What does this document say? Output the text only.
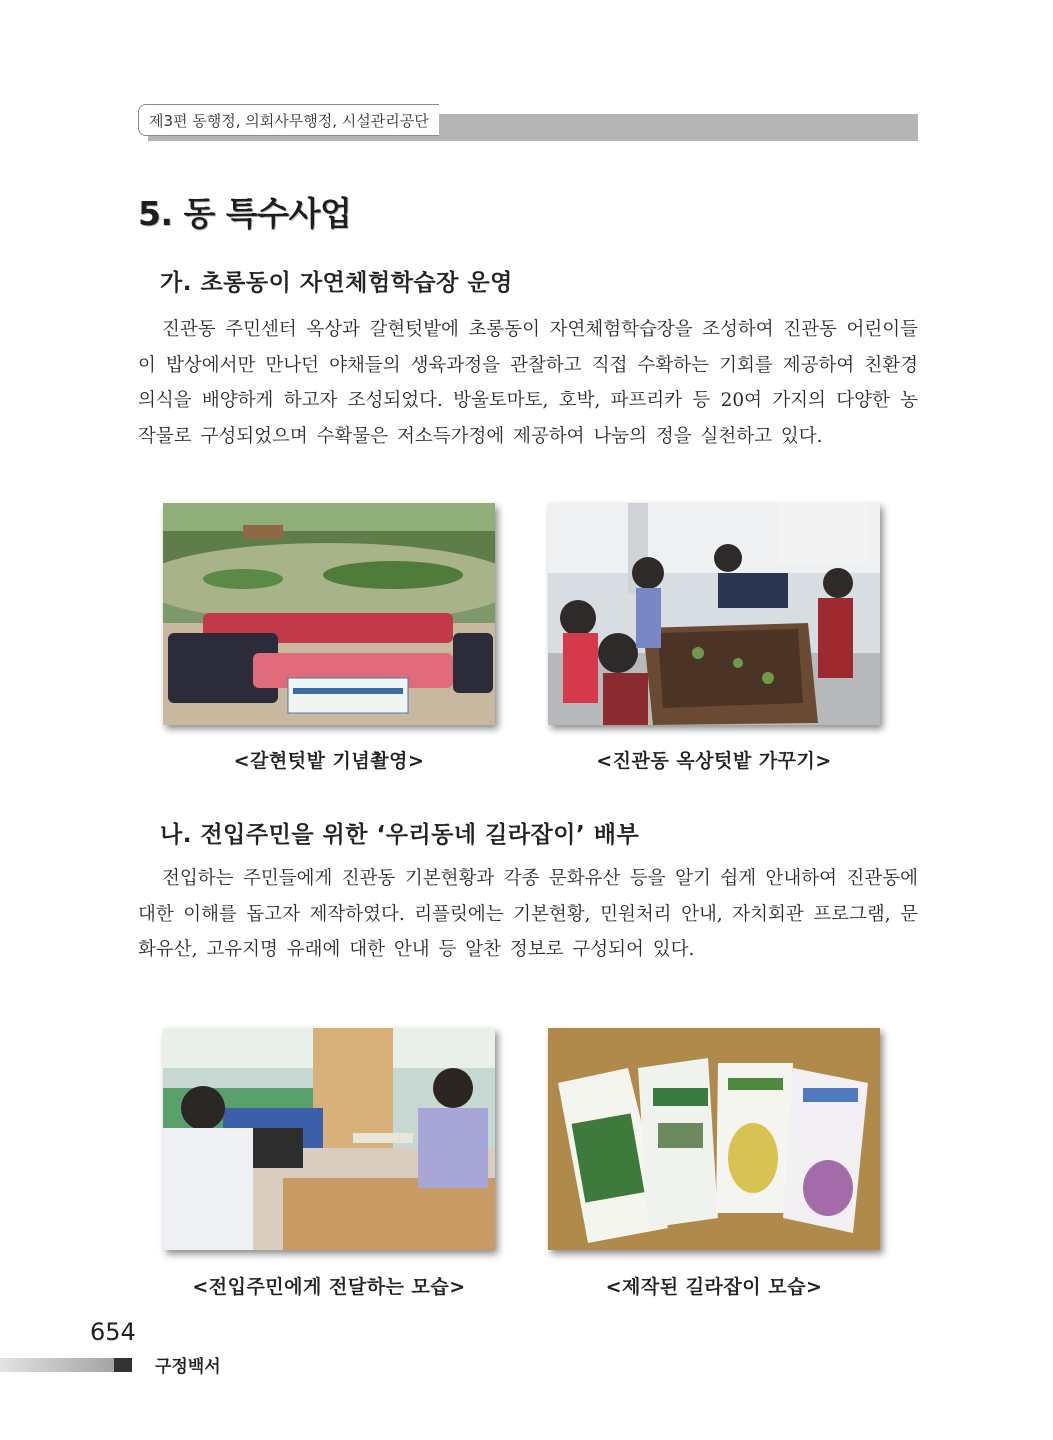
제3편 동행정, 의회사무행정, 시설관리공단
5. 동 특수사업
가. 초롱동이 자연체험학습장 운영

진관동 주민센터 옥상과 갈현텃밭에 초롱동이 자연체험학습장을 조성하여 진관동 어린이들이 밥상에서만 만나던 야채들의 생육과정을 관찰하고 직접 수확하는 기회를 제공하여 친환경 의식을 배양하게 하고자 조성되었다. 방울토마토, 호박, 파프리카 등 20여 가지의 다양한 농작물로 구성되었으며 수확물은 저소득가정에 제공하여 나눔의 정을 실천하고 있다.

<갈현텃밭 기념촬영>	<진관동 옥상텃밭 가꾸기>

나. 전입주민을 위한 ‘우리동네 길라잡이’ 배부

전입하는 주민들에게 진관동 기본현황과 각종 문화유산 등을 알기 쉽게 안내하여 진관동에 대한 이해를 돕고자 제작하였다. 리플릿에는 기본현황, 민원처리 안내, 자치회관 프로그램, 문화유산, 고유지명 유래에 대한 안내 등 알찬 정보로 구성되어 있다.

<전입주민에게 전달하는 모습>	<제작된 길라잡이 모습>

654
구정백서
